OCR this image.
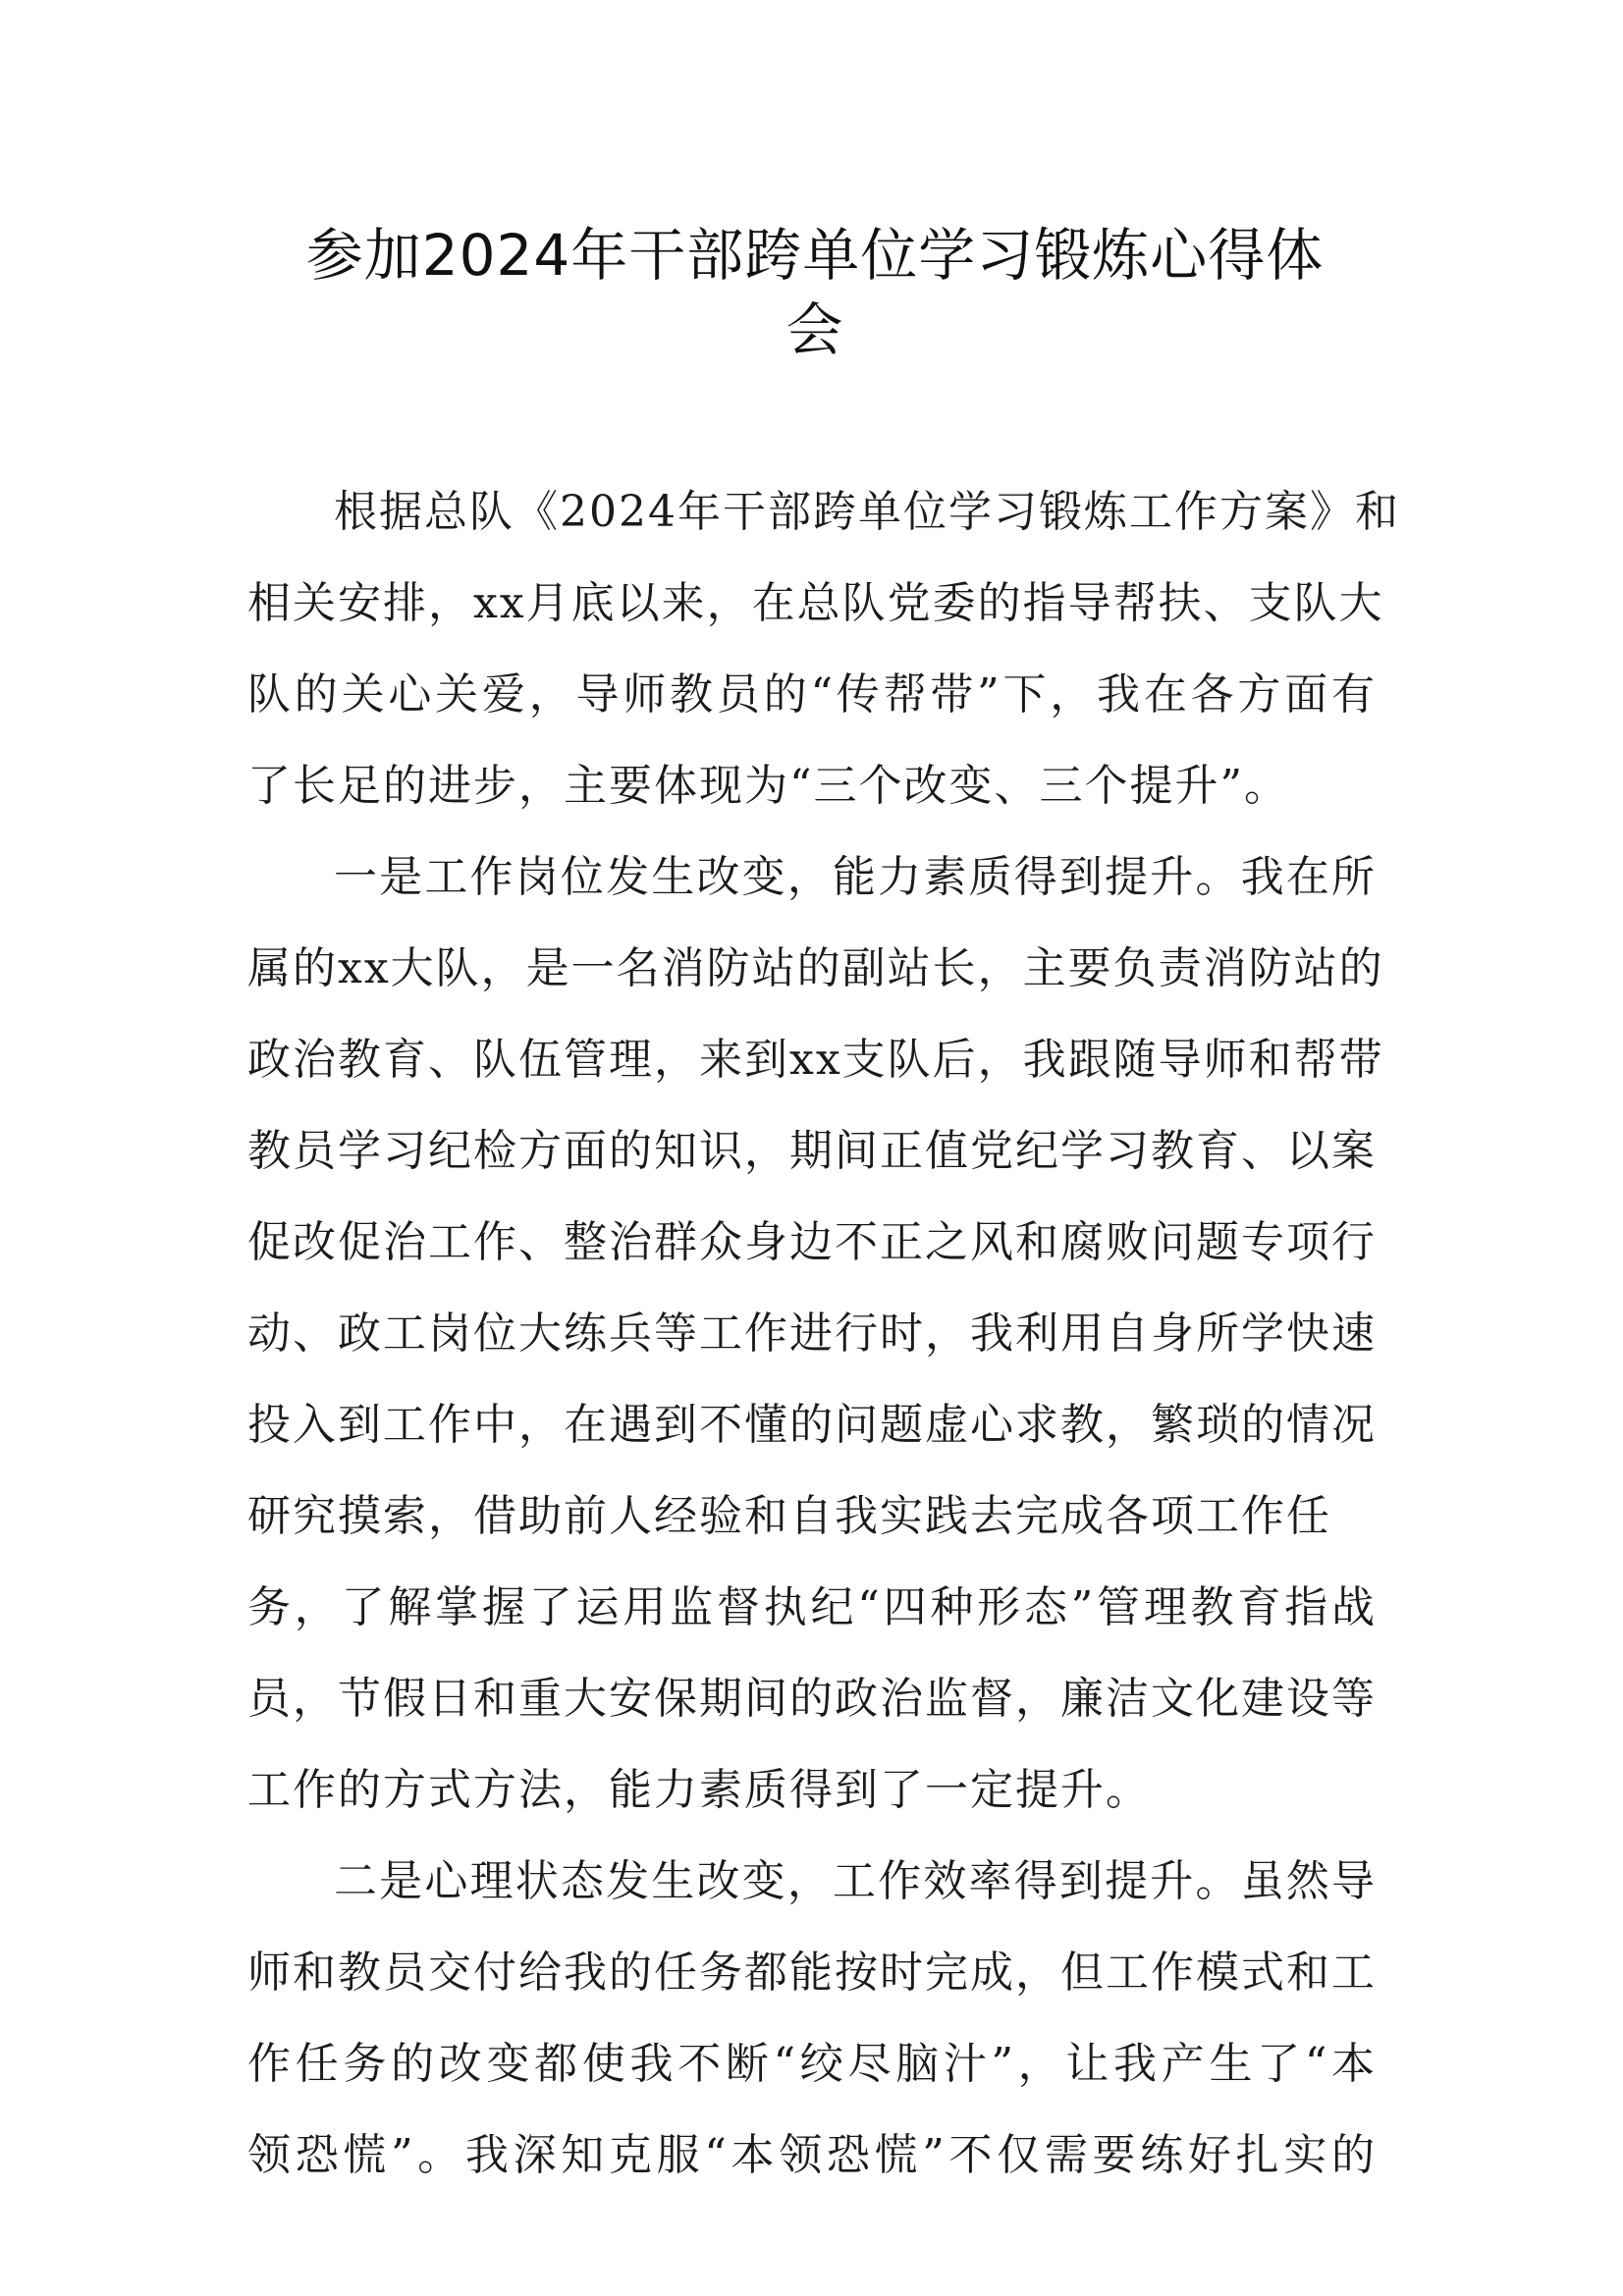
参加2024年干部跨单位学习锻炼心得体
会
根据总队《2024年干部跨单位学习锻炼工作方案》和
相关安排，xx月底以来，在总队党委的指导帮扶、支队大
队的关心关爱，导师教员的“传帮带”下，我在各方面有
了长足的进步，主要体现为“三个改变、三个提升”。
一是工作岗位发生改变，能力素质得到提升。我在所
属的xx大队，是一名消防站的副站长，主要负责消防站的
政治教育、队伍管理，来到xx支队后，我跟随导师和帮带
教员学习纪检方面的知识，期间正值党纪学习教育、以案
促改促治工作、整治群众身边不正之风和腐败问题专项行
动、政工岗位大练兵等工作进行时，我利用自身所学快速
投入到工作中，在遇到不懂的问题虚心求教，繁琐的情况
研究摸索，借助前人经验和自我实践去完成各项工作任
务，了解掌握了运用监督执纪“四种形态”管理教育指战
员，节假日和重大安保期间的政治监督，廉洁文化建设等
工作的方式方法，能力素质得到了一定提升。
二是心理状态发生改变，工作效率得到提升。虽然导
师和教员交付给我的任务都能按时完成，但工作模式和工
作任务的改变都使我不断“绞尽脑汁”，让我产生了“本
领恐慌”。我深知克服“本领恐慌”不仅需要练好扎实的
